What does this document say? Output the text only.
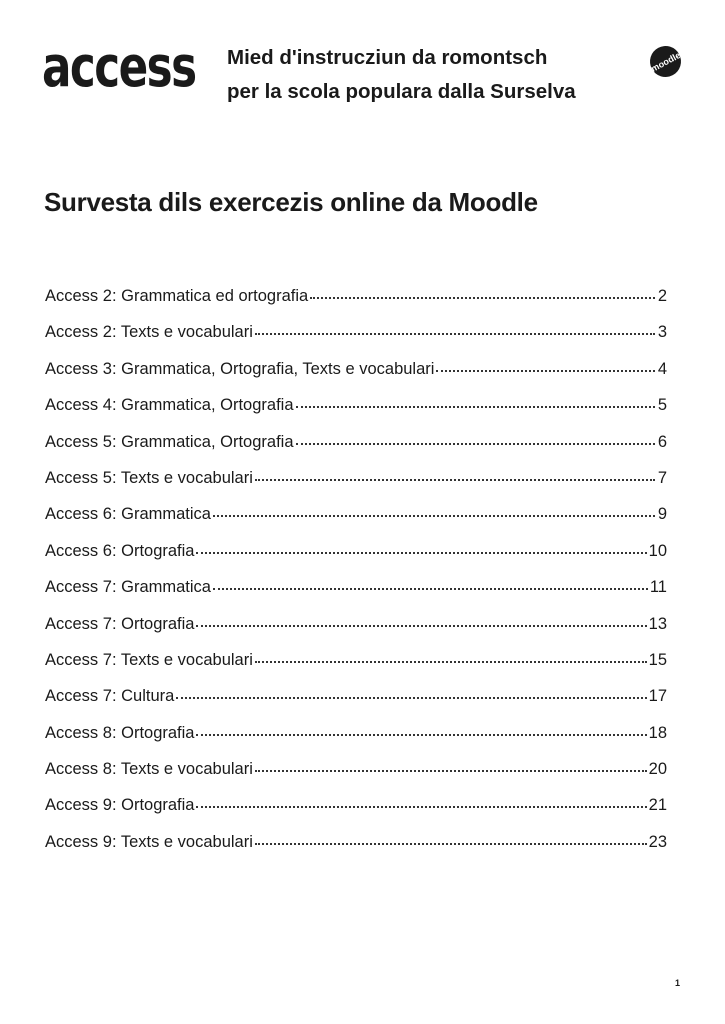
access Mied d'instrucziun da romontsch
per la scola populara dalla Surselva
moodle
Survesta dils exercezis online da Moodle
Access 2: Grammatica ed ortografia	2
Access 2: Texts e vocabulari	3
Access 3: Grammatica, Ortografia, Texts e vocabulari	4
Access 4: Grammatica, Ortografia	5
Access 5: Grammatica, Ortografia	6
Access 5: Texts e vocabulari	7
Access 6: Grammatica	9
Access 6: Ortografia	10
Access 7: Grammatica	11
Access 7: Ortografia	13
Access 7: Texts e vocabulari	15
Access 7: Cultura	17
Access 8: Ortografia	18
Access 8: Texts e vocabulari	20
Access 9: Ortografia	21
Access 9: Texts e vocabulari	23
1
